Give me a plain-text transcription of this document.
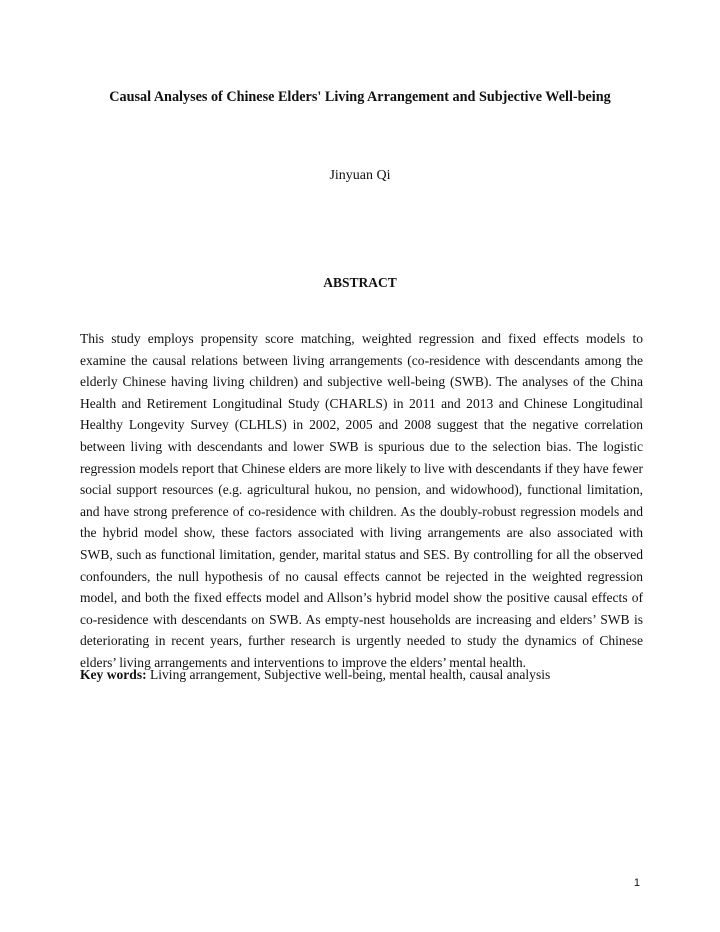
Causal Analyses of Chinese Elders' Living Arrangement and Subjective Well-being

Jinyuan Qi

ABSTRACT

This study employs propensity score matching, weighted regression and fixed effects models to examine the causal relations between living arrangements (co-residence with descendants among the elderly Chinese having living children) and subjective well-being (SWB). The analyses of the China Health and Retirement Longitudinal Study (CHARLS) in 2011 and 2013 and Chinese Longitudinal Healthy Longevity Survey (CLHLS) in 2002, 2005 and 2008 suggest that the negative correlation between living with descendants and lower SWB is spurious due to the selection bias. The logistic regression models report that Chinese elders are more likely to live with descendants if they have fewer social support resources (e.g. agricultural hukou, no pension, and widowhood), functional limitation, and have strong preference of co-residence with children. As the doubly-robust regression models and the hybrid model show, these factors associated with living arrangements are also associated with SWB, such as functional limitation, gender, marital status and SES. By controlling for all the observed confounders, the null hypothesis of no causal effects cannot be rejected in the weighted regression model, and both the fixed effects model and Allson’s hybrid model show the positive causal effects of co-residence with descendants on SWB. As empty-nest households are increasing and elders’ SWB is deteriorating in recent years, further research is urgently needed to study the dynamics of Chinese elders’ living arrangements and interventions to improve the elders’ mental health.

Key words: Living arrangement, Subjective well-being, mental health, causal analysis

1
